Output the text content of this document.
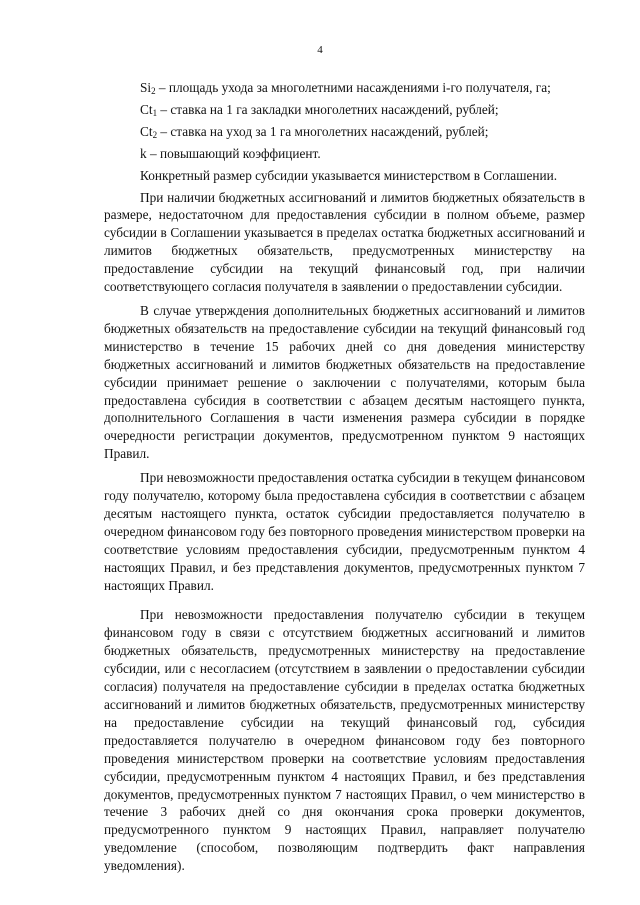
4

$Si_2$ – площадь ухода за многолетними насаждениями i-го получателя, га;

$Ct_1$ – ставка на 1 га закладки многолетних насаждений, рублей;

$Ct_2$ – ставка на уход за 1 га многолетних насаждений, рублей;

k – повышающий коэффициент.

Конкретный размер субсидии указывается министерством в Соглашении.

При наличии бюджетных ассигнований и лимитов бюджетных обязательств в размере, недостаточном для предоставления субсидии в полном объеме, размер субсидии в Соглашении указывается в пределах остатка бюджетных ассигнований и лимитов бюджетных обязательств, предусмотренных министерству на предоставление субсидии на текущий финансовый год, при наличии соответствующего согласия получателя в заявлении о предоставлении субсидии.

В случае утверждения дополнительных бюджетных ассигнований и лимитов бюджетных обязательств на предоставление субсидии на текущий финансовый год министерство в течение 15 рабочих дней со дня доведения министерству бюджетных ассигнований и лимитов бюджетных обязательств на предоставление субсидии принимает решение о заключении с получателями, которым была предоставлена субсидия в соответствии с абзацем десятым настоящего пункта, дополнительного Соглашения в части изменения размера субсидии в порядке очередности регистрации документов, предусмотренном пунктом 9 настоящих Правил.

При невозможности предоставления остатка субсидии в текущем финансовом году получателю, которому была предоставлена субсидия в соответствии с абзацем десятым настоящего пункта, остаток субсидии предоставляется получателю в очередном финансовом году без повторного проведения министерством проверки на соответствие условиям предоставления субсидии, предусмотренным пунктом 4 настоящих Правил, и без представления документов, предусмотренных пунктом 7 настоящих Правил.

При невозможности предоставления получателю субсидии в текущем финансовом году в связи с отсутствием бюджетных ассигнований и лимитов бюджетных обязательств, предусмотренных министерству на предоставление субсидии, или с несогласием (отсутствием в заявлении о предоставлении субсидии согласия) получателя на предоставление субсидии в пределах остатка бюджетных ассигнований и лимитов бюджетных обязательств, предусмотренных министерству на предоставление субсидии на текущий финансовый год, субсидия предоставляется получателю в очередном финансовом году без повторного проведения министерством проверки на соответствие условиям предоставления субсидии, предусмотренным пунктом 4 настоящих Правил, и без представления документов, предусмотренных пунктом 7 настоящих Правил, о чем министерство в течение 3 рабочих дней со дня окончания срока проверки документов, предусмотренного пунктом 9 настоящих Правил, направляет получателю уведомление (способом, позволяющим подтвердить факт направления уведомления).
